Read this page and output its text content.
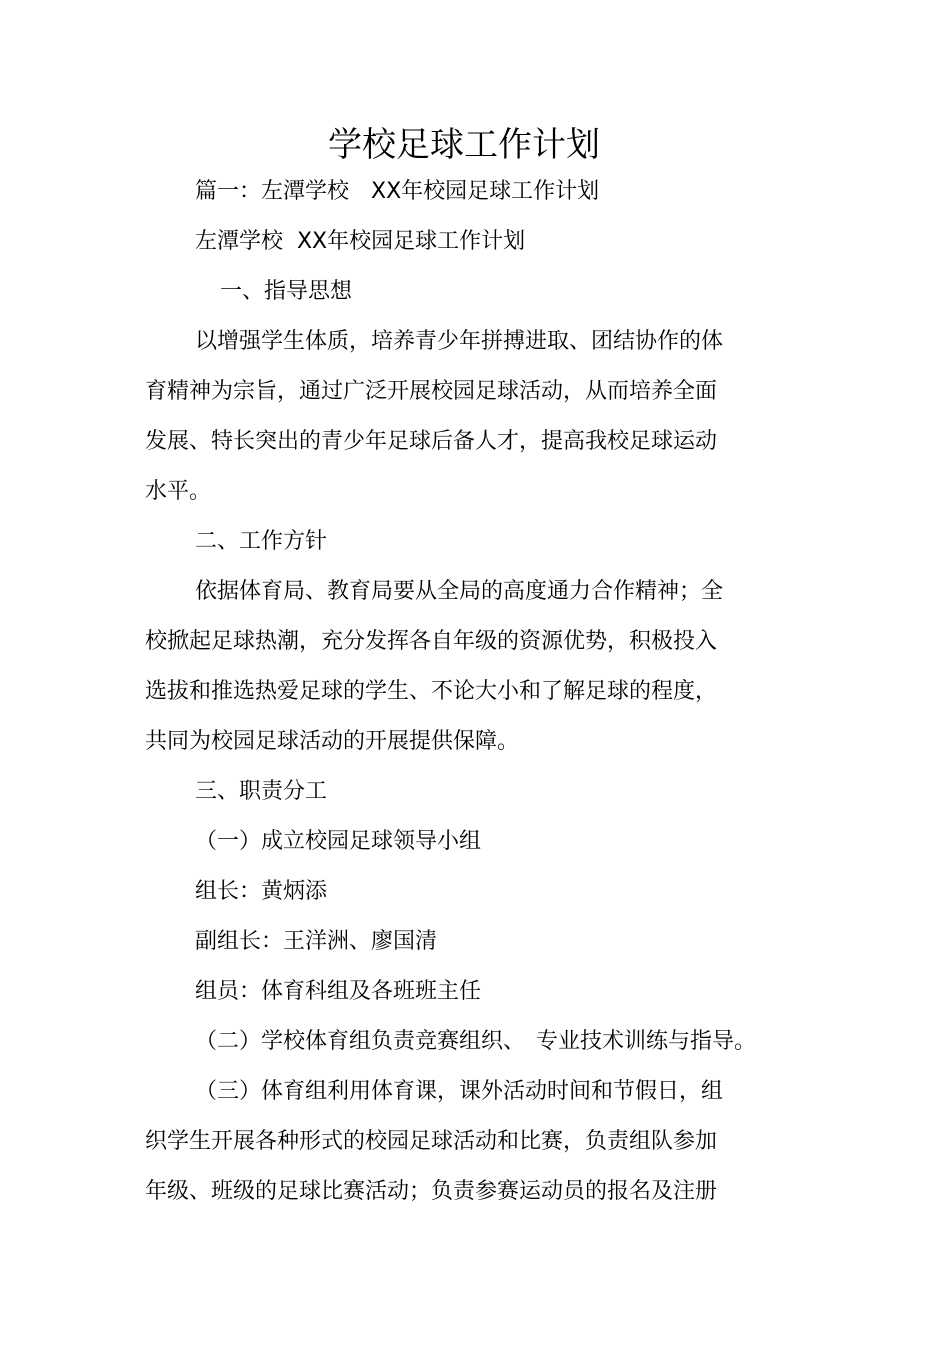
学校足球工作计划

篇一：左潭学校　XX年校园足球工作计划

左潭学校  XX年校园足球工作计划

一、指导思想

以增强学生体质，培养青少年拼搏进取、团结协作的体

育精神为宗旨，通过广泛开展校园足球活动，从而培养全面

发展、特长突出的青少年足球后备人才，提高我校足球运动

水平。

二、工作方针

依据体育局、教育局要从全局的高度通力合作精神；全

校掀起足球热潮，充分发挥各自年级的资源优势，积极投入

选拔和推选热爱足球的学生、不论大小和了解足球的程度，

共同为校园足球活动的开展提供保障。

三、职责分工

（一）成立校园足球领导小组

组长：黄炳添

副组长：王洋洲、廖国清

组员：体育科组及各班班主任

（二）学校体育组负责竞赛组织、　专业技术训练与指导。

（三）体育组利用体育课，课外活动时间和节假日，组

织学生开展各种形式的校园足球活动和比赛，负责组队参加

年级、班级的足球比赛活动；负责参赛运动员的报名及注册
